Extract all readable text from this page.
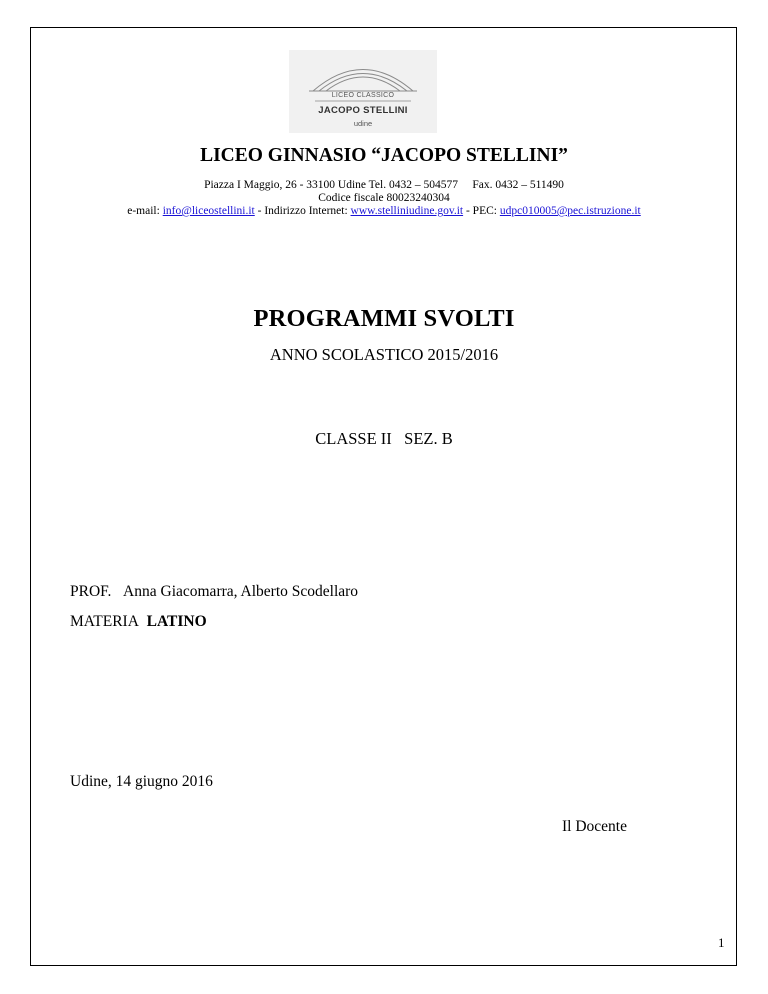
LICEO CLASSICO
JACOPO STELLINI
udine
LICEO GINNASIO “JACOPO STELLINI”
Piazza I Maggio, 26 - 33100 Udine Tel. 0432 – 504577 Fax. 0432 – 511490
Codice fiscale 80023240304
e-mail: info@liceostellini.it - Indirizzo Internet: www.stelliniudine.gov.it - PEC: udpc010005@pec.istruzione.it
PROGRAMMI SVOLTI
ANNO SCOLASTICO 2015/2016
CLASSE II SEZ. B
PROF. Anna Giacomarra, Alberto Scodellaro
MATERIA LATINO
Udine, 14 giugno 2016
Il Docente
1
